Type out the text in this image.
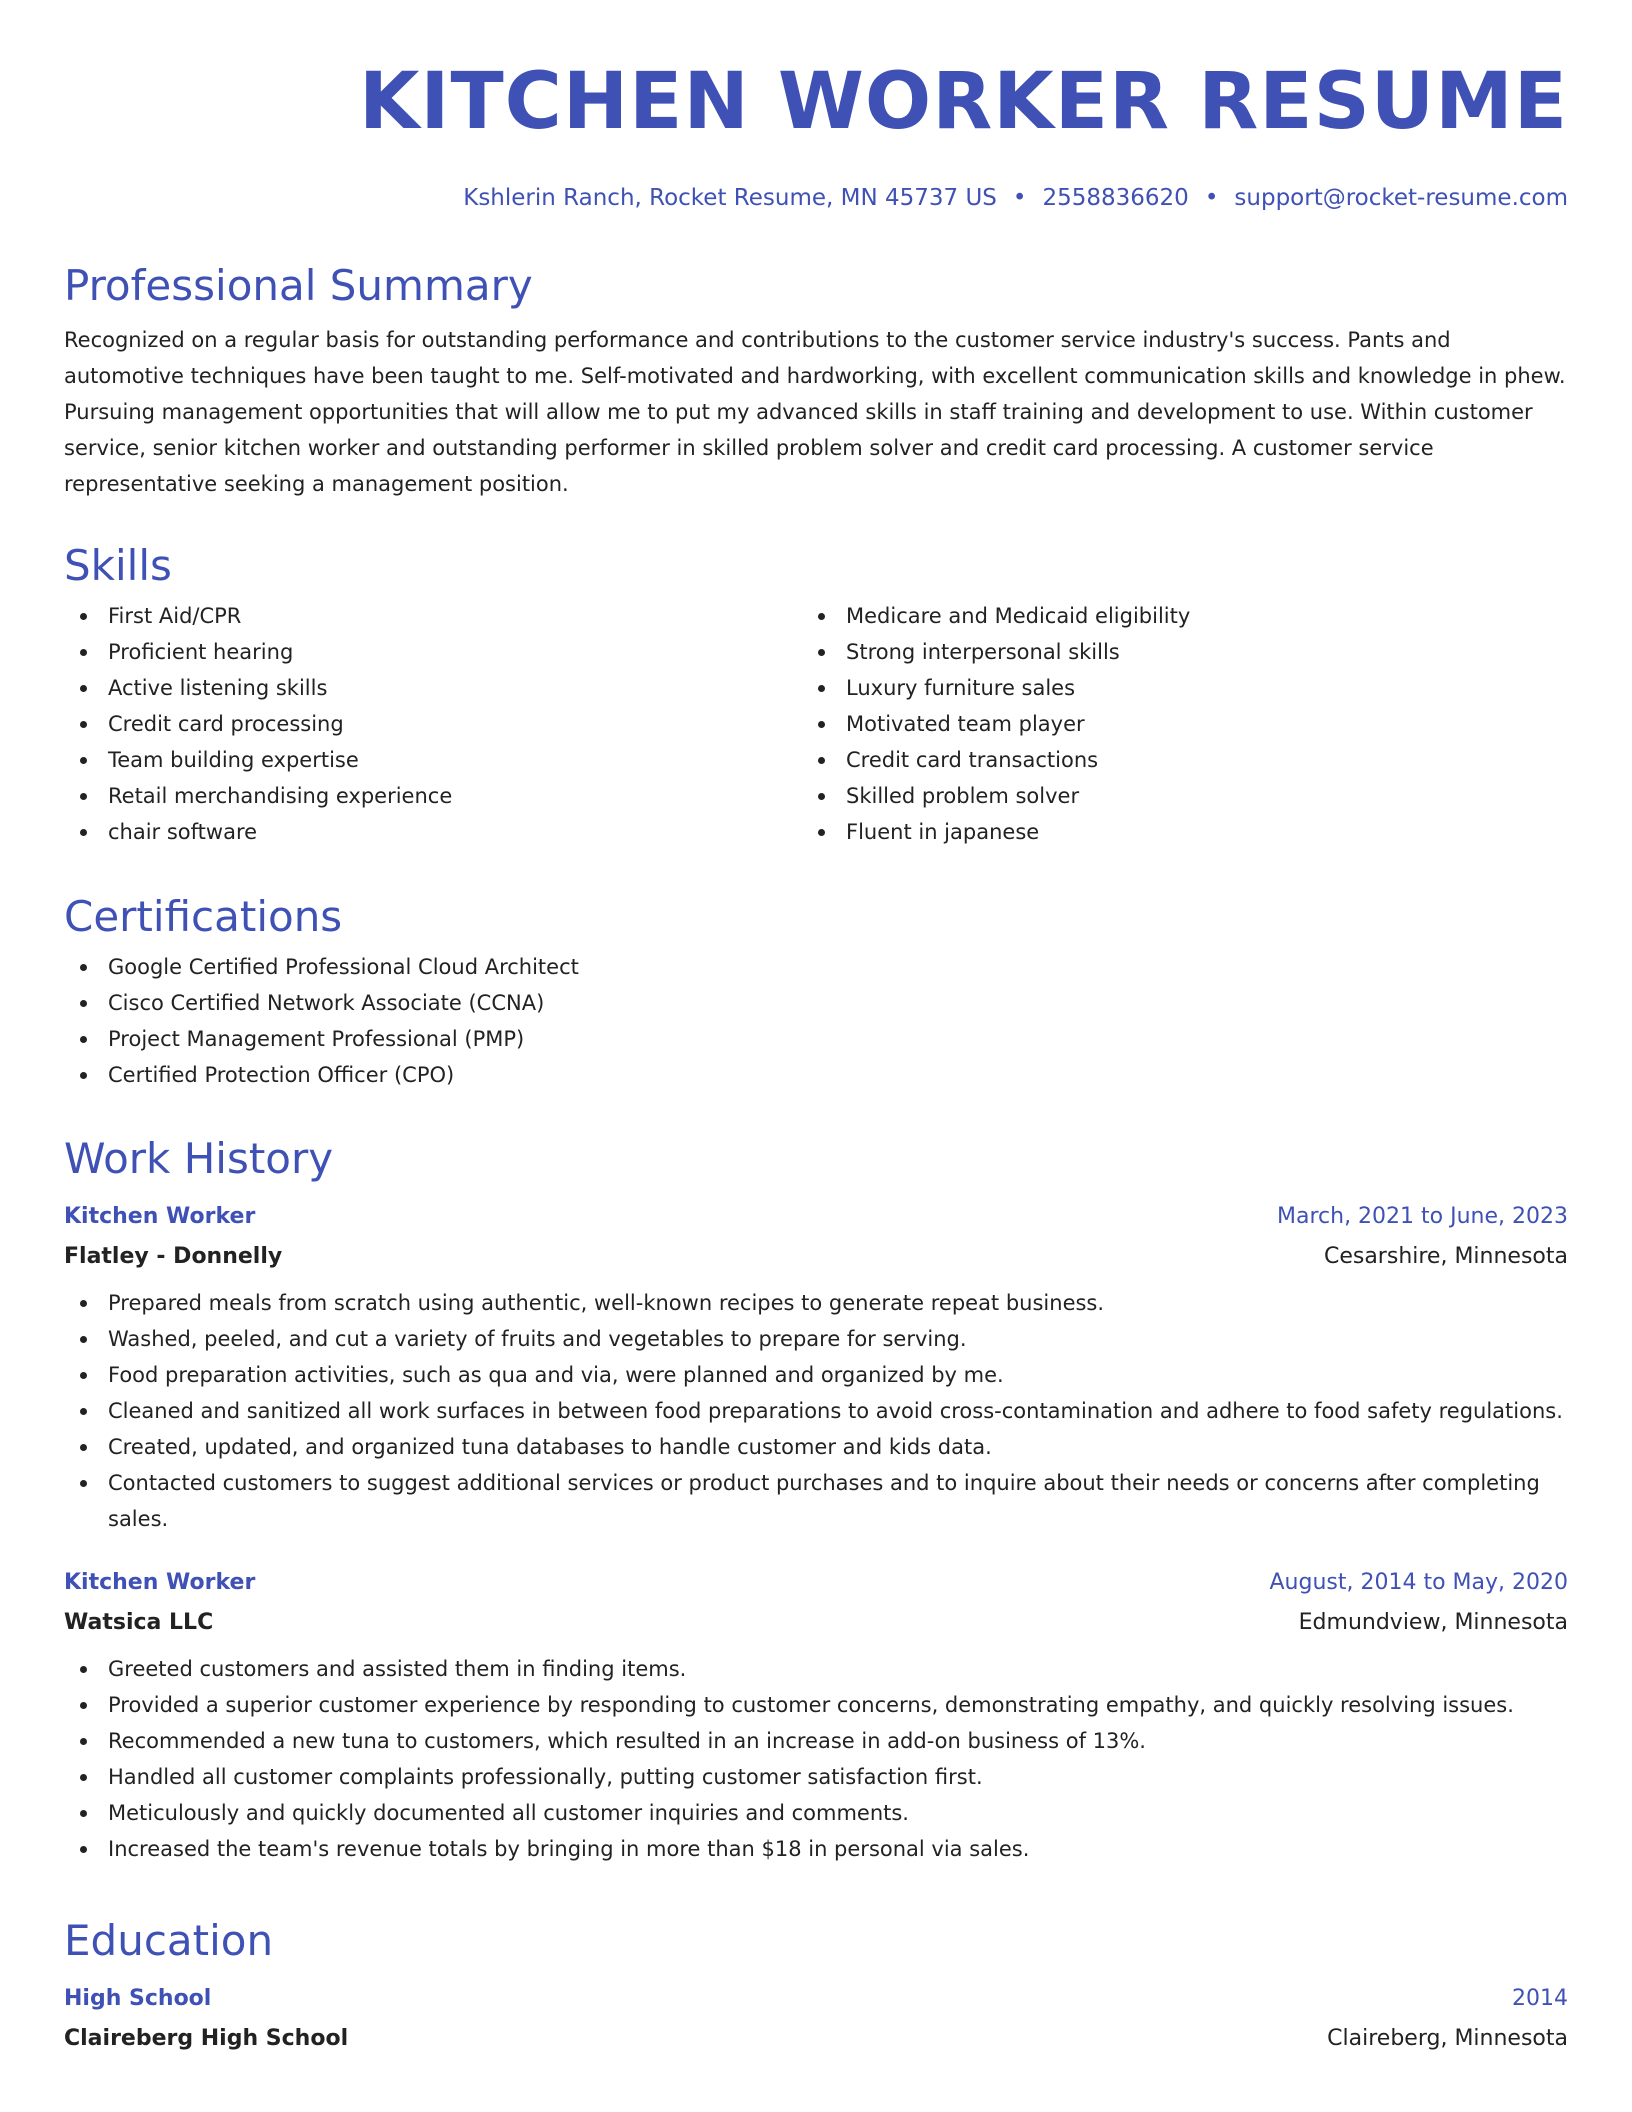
KITCHEN WORKER RESUME
Kshlerin Ranch, Rocket Resume, MN 45737 US • 2558836620 • support@rocket-resume.com
Professional Summary

Recognized on a regular basis for outstanding performance and contributions to the customer service industry's success. Pants and automotive techniques have been taught to me. Self-motivated and hardworking, with excellent communication skills and knowledge in phew. Pursuing management opportunities that will allow me to put my advanced skills in staff training and development to use. Within customer service, senior kitchen worker and outstanding performer in skilled problem solver and credit card processing. A customer service representative seeking a management position.

Skills
First Aid/CPR
Proficient hearing
Active listening skills
Credit card processing
Team building expertise
Retail merchandising experience
chair software
Medicare and Medicaid eligibility
Strong interpersonal skills
Luxury furniture sales
Motivated team player
Credit card transactions
Skilled problem solver
Fluent in japanese
Certifications
Google Certified Professional Cloud Architect
Cisco Certified Network Associate (CCNA)
Project Management Professional (PMP)
Certified Protection Officer (CPO)
Work History
Kitchen Worker	March, 2021 to June, 2023
Flatley - Donnelly	Cesarshire, Minnesota
Prepared meals from scratch using authentic, well-known recipes to generate repeat business.
Washed, peeled, and cut a variety of fruits and vegetables to prepare for serving.
Food preparation activities, such as qua and via, were planned and organized by me.
Cleaned and sanitized all work surfaces in between food preparations to avoid cross-contamination and adhere to food safety regulations.
Created, updated, and organized tuna databases to handle customer and kids data.
Contacted customers to suggest additional services or product purchases and to inquire about their needs or concerns after completing sales.
Kitchen Worker	August, 2014 to May, 2020
Watsica LLC	Edmundview, Minnesota
Greeted customers and assisted them in finding items.
Provided a superior customer experience by responding to customer concerns, demonstrating empathy, and quickly resolving issues.
Recommended a new tuna to customers, which resulted in an increase in add-on business of 13%.
Handled all customer complaints professionally, putting customer satisfaction first.
Meticulously and quickly documented all customer inquiries and comments.
Increased the team's revenue totals by bringing in more than $18 in personal via sales.
Education
High School	2014
Claireberg High School	Claireberg, Minnesota
